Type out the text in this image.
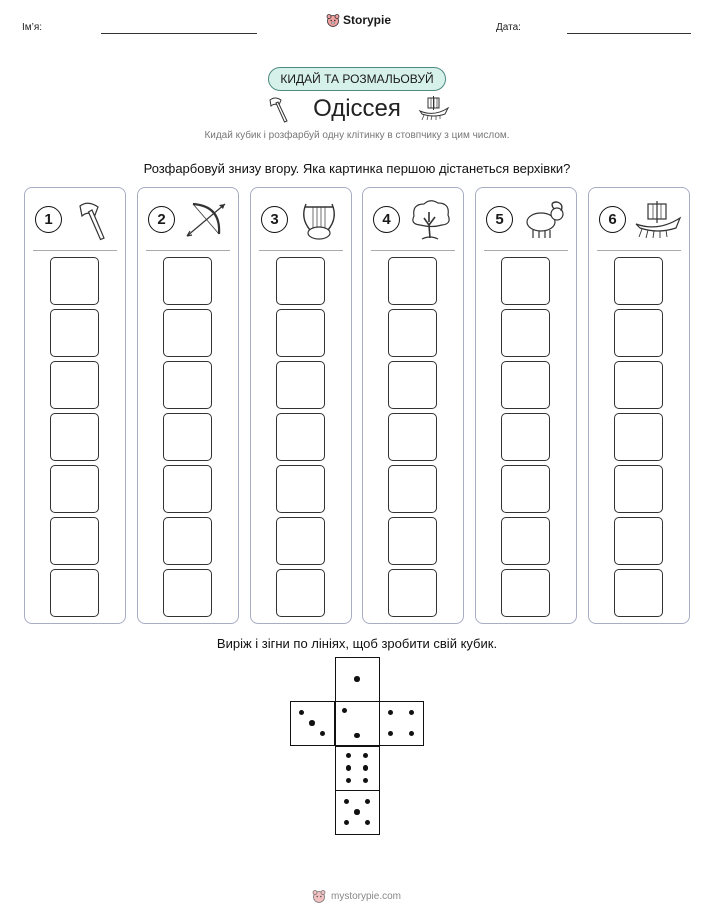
Ім’я:
Storypie
Дата:
КИДАЙ ТА РОЗМАЛЬОВУЙ
Одіссея
Кидай кубик і розфарбуй одну клітинку в стовпчику з цим числом.
Розфарбовуй знизу вгору. Яка картинка першою дістанеться верхівки?
1	2	3	4	5	6
Виріж і зігни по лініях, щоб зробити свій кубик.
mystorypie.com
